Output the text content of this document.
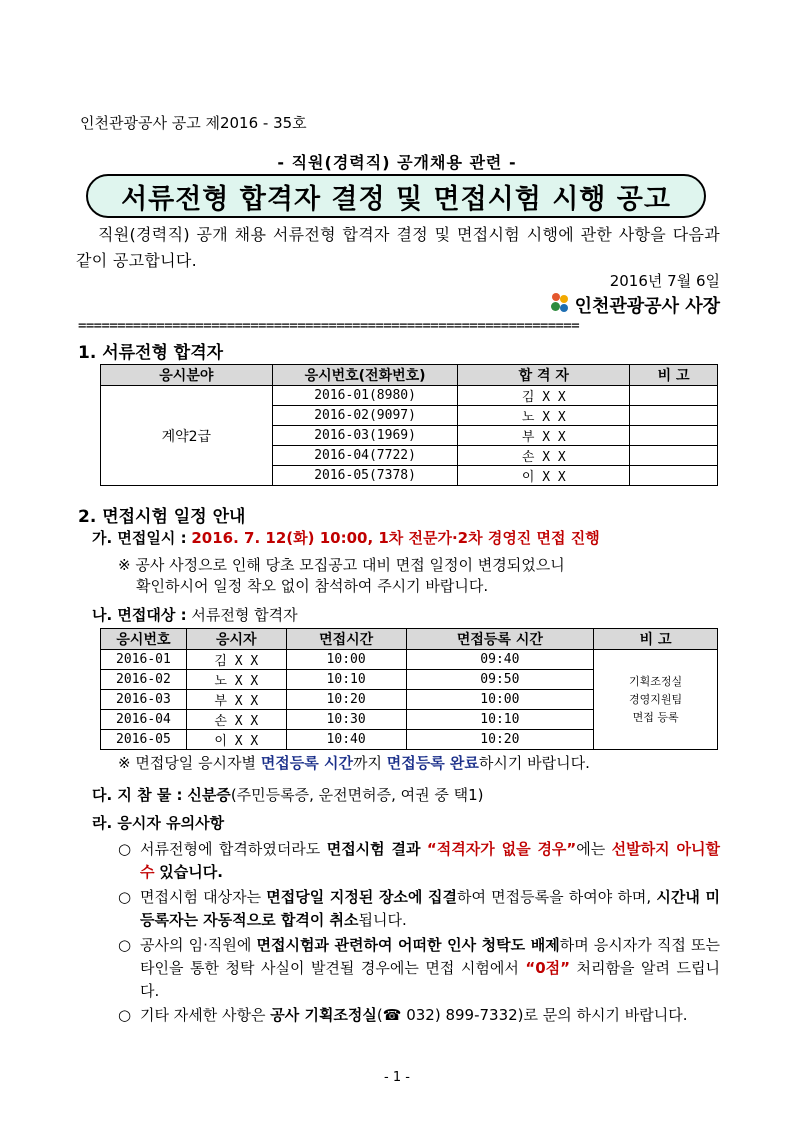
인천관광공사 공고 제2016 - 35호
- 직원(경력직) 공개채용 관련 -
서류전형 합격자 결정 및 면접시험 시행 공고
직원(경력직) 공개 채용 서류전형 합격자 결정 및 면접시험 시행에 관한 사항을 다음과 같이 공고합니다.
2016년 7월 6일
인천관광공사 사장
================================================================
1. 서류전형 합격자
응시분야	응시번호(전화번호)	합 격 자	비 고
계약2급	2016-01(8980)	김 X X	
	2016-02(9097)	노 X X	
	2016-03(1969)	부 X X	
	2016-04(7722)	손 X X	
	2016-05(7378)	이 X X	
2. 면접시험 일정 안내
가. 면접일시 : 2016. 7. 12(화) 10:00, 1차 전문가·2차 경영진 면접 진행
※ 공사 사정으로 인해 당초 모집공고 대비 면접 일정이 변경되었으니
확인하시어 일정 착오 없이 참석하여 주시기 바랍니다.
나. 면접대상 : 서류전형 합격자
응시번호	응시자	면접시간	면접등록 시간	비 고
2016-01	김 X X	10:00	09:40	기획조정실
경영지원팀
면접 등록

2016-02	노 X X	10:10	09:50	
2016-03	부 X X	10:20	10:00	
2016-04	손 X X	10:30	10:10	
2016-05	이 X X	10:40	10:20	
※ 면접당일 응시자별 면접등록 시간까지 면접등록 완료하시기 바랍니다.
다. 지 참 물 : 신분증(주민등록증, 운전면허증, 여권 중 택1)
라. 응시자 유의사항
○ 서류전형에 합격하였더라도 면접시험 결과 “적격자가 없을 경우”에는 선발하지 아니할 수 있습니다.
○ 면접시험 대상자는 면접당일 지정된 장소에 집결하여 면접등록을 하여야 하며, 시간내 미등록자는 자동적으로 합격이 취소됩니다.
○ 공사의 임·직원에 면접시험과 관련하여 어떠한 인사 청탁도 배제하며 응시자가 직접 또는 타인을 통한 청탁 사실이 발견될 경우에는 면접 시험에서 “0점” 처리함을 알려 드립니다.
○ 기타 자세한 사항은 공사 기획조정실(☎ 032) 899-7332)로 문의 하시기 바랍니다.
- 1 -
